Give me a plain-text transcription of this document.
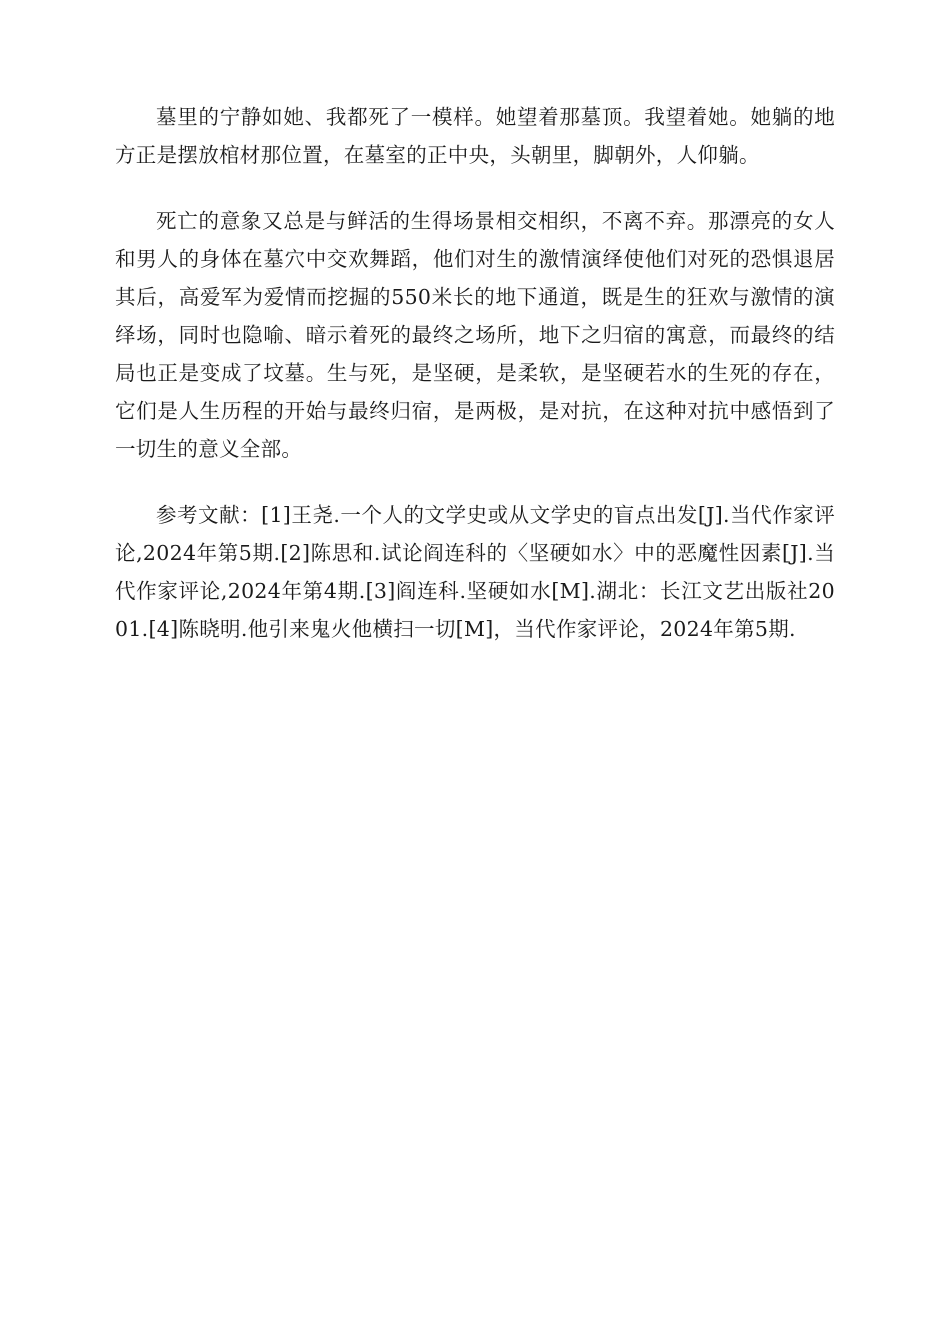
墓里的宁静如她、我都死了一模样。她望着那墓顶。我望着她。她躺的地方正是摆放棺材那位置，在墓室的正中央，头朝里，脚朝外，人仰躺。

死亡的意象又总是与鲜活的生得场景相交相织，不离不弃。那漂亮的女人和男人的身体在墓穴中交欢舞蹈，他们对生的激情演绎使他们对死的恐惧退居其后，高爱军为爱情而挖掘的550米长的地下通道，既是生的狂欢与激情的演绎场，同时也隐喻、暗示着死的最终之场所，地下之归宿的寓意，而最终的结局也正是变成了坟墓。生与死，是坚硬，是柔软，是坚硬若水的生死的存在，它们是人生历程的开始与最终归宿，是两极，是对抗，在这种对抗中感悟到了一切生的意义全部。

参考文献：[1]王尧.一个人的文学史或从文学史的盲点出发[J].当代作家评论,2024年第5期.[2]陈思和.试论阎连科的〈坚硬如水〉中的恶魔性因素[J].当代作家评论,2024年第4期.[3]阎连科.坚硬如水[M].湖北：长江文艺出版社2001.[4]陈晓明.他引来鬼火他横扫一切[M]，当代作家评论，2024年第5期.
